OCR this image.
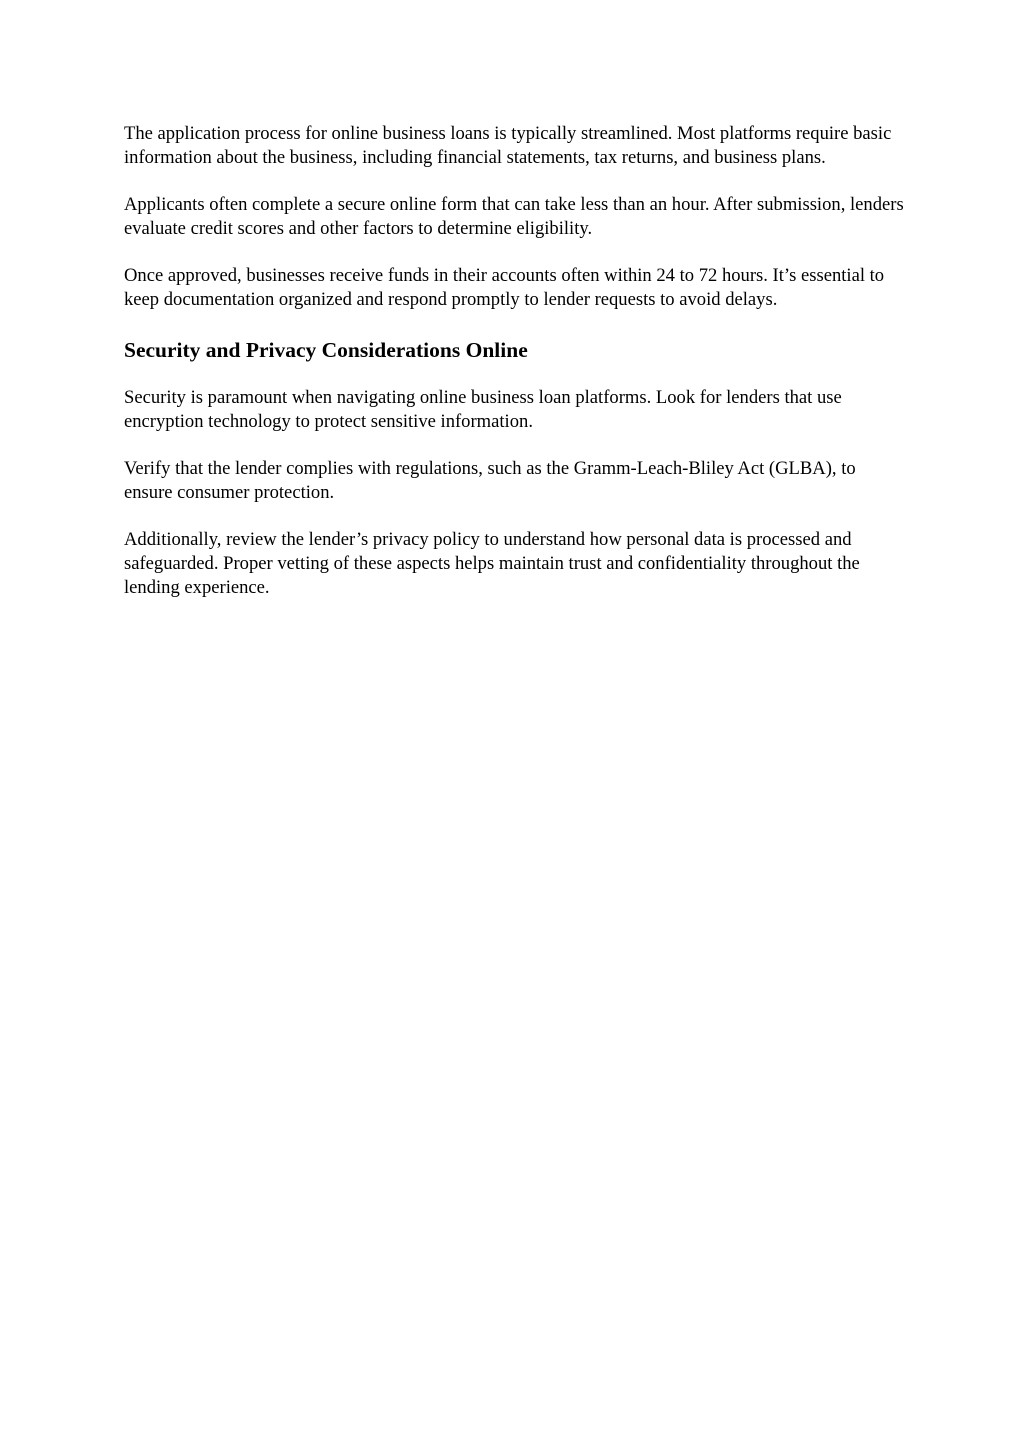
The application process for online business loans is typically streamlined. Most platforms require basic information about the business, including financial statements, tax returns, and business plans.

Applicants often complete a secure online form that can take less than an hour. After submission, lenders evaluate credit scores and other factors to determine eligibility.

Once approved, businesses receive funds in their accounts often within 24 to 72 hours. It’s essential to keep documentation organized and respond promptly to lender requests to avoid delays.

Security and Privacy Considerations Online

Security is paramount when navigating online business loan platforms. Look for lenders that use encryption technology to protect sensitive information.

Verify that the lender complies with regulations, such as the Gramm-Leach-Bliley Act (GLBA), to ensure consumer protection.

Additionally, review the lender’s privacy policy to understand how personal data is processed and safeguarded. Proper vetting of these aspects helps maintain trust and confidentiality throughout the lending experience.
